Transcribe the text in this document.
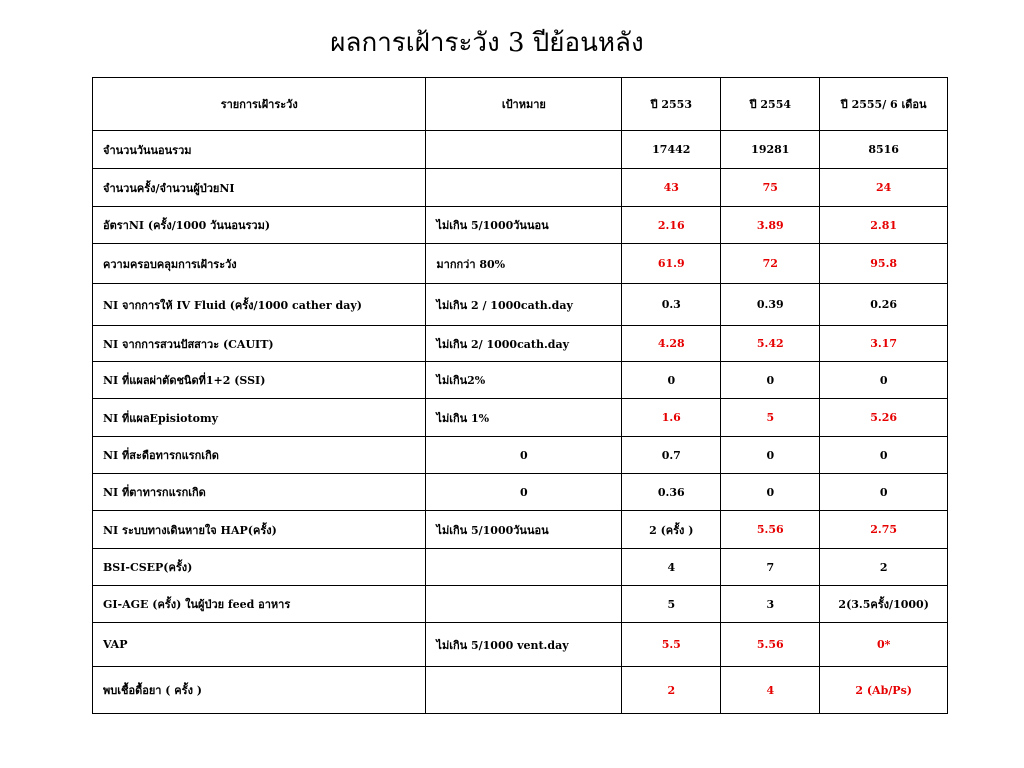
ผลการเฝ้าระวัง 3 ปีย้อนหลัง
รายการเฝ้าระวัง	เป้าหมาย	ปี 2553	ปี 2554	ปี 2555/ 6 เดือน
จำนวนวันนอนรวม		17442	19281	8516
จำนวนครั้ง/จำนวนผู้ป่วยNI		43	75	24
อัตราNI (ครั้ง/1000 วันนอนรวม)	ไม่เกิน 5/1000วันนอน	2.16	3.89	2.81
ความครอบคลุมการเฝ้าระวัง	มากกว่า 80%	61.9	72	95.8
NI จากการให้ IV Fluid (ครั้ง/1000 cather day)	ไม่เกิน 2 / 1000cath.day	0.3	0.39	0.26
NI จากการสวนปัสสาวะ (CAUIT)	ไม่เกิน 2/ 1000cath.day	4.28	5.42	3.17
NI ที่แผลผ่าตัดชนิดที่1+2 (SSI)	ไม่เกิน2%	0	0	0
NI ที่แผลEpisiotomy	ไม่เกิน 1%	1.6	5	5.26
NI ที่สะดือทารกแรกเกิด	0	0.7	0	0
NI ที่ตาทารกแรกเกิด	0	0.36	0	0
NI ระบบทางเดินหายใจ HAP(ครั้ง)	ไม่เกิน 5/1000วันนอน	2 (ครั้ง )	5.56	2.75
BSI-CSEP(ครั้ง)		4	7	2
GI-AGE (ครั้ง) ในผู้ป่วย feed อาหาร		5	3	2(3.5ครั้ง/1000)
VAP	ไม่เกิน 5/1000 vent.day	5.5	5.56	0*
พบเชื้อดื้อยา ( ครั้ง )		2	4	2 (Ab/Ps)
